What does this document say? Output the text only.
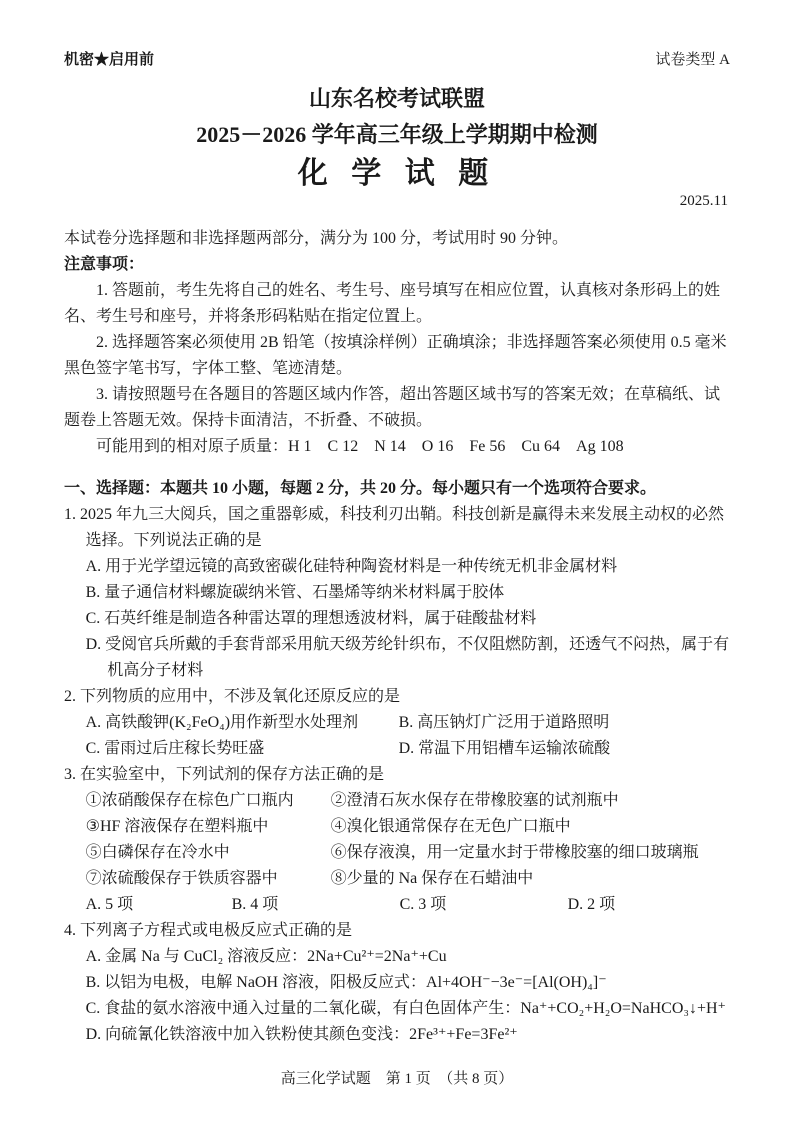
机密★启用前	试卷类型 A
山东名校考试联盟
2025－2026 学年高三年级上学期期中检测
化 学 试 题
2025.11

本试卷分选择题和非选择题两部分，满分为 100 分，考试用时 90 分钟。

注意事项：

1. 答题前，考生先将自己的姓名、考生号、座号填写在相应位置，认真核对条形码上的姓名、考生号和座号，并将条形码粘贴在指定位置上。

2. 选择题答案必须使用 2B 铅笔（按填涂样例）正确填涂；非选择题答案必须使用 0.5 毫米黑色签字笔书写，字体工整、笔迹清楚。

3. 请按照题号在各题目的答题区域内作答，超出答题区域书写的答案无效；在草稿纸、试题卷上答题无效。保持卡面清洁，不折叠、不破损。

可能用到的相对原子质量：H 1　C 12　N 14　O 16　Fe 56　Cu 64　Ag 108

一、选择题：本题共 10 小题，每题 2 分，共 20 分。每小题只有一个选项符合要求。

1. 2025 年九三大阅兵，国之重器彰威，科技利刃出鞘。科技创新是赢得未来发展主动权的必然选择。下列说法正确的是

A. 用于光学望远镜的高致密碳化硅特种陶瓷材料是一种传统无机非金属材料

B. 量子通信材料螺旋碳纳米管、石墨烯等纳米材料属于胶体

C. 石英纤维是制造各种雷达罩的理想透波材料，属于硅酸盐材料

D. 受阅官兵所戴的手套背部采用航天级芳纶针织布，不仅阻燃防割，还透气不闷热，属于有机高分子材料

2. 下列物质的应用中，不涉及氧化还原反应的是

A. 高铁酸钾(K₂FeO₄)用作新型水处理剂	B. 高压钠灯广泛用于道路照明

C. 雷雨过后庄稼长势旺盛	D. 常温下用铝槽车运输浓硫酸

3. 在实验室中，下列试剂的保存方法正确的是

①浓硝酸保存在棕色广口瓶内	②澄清石灰水保存在带橡胶塞的试剂瓶中

③HF 溶液保存在塑料瓶中	④溴化银通常保存在无色广口瓶中

⑤白磷保存在冷水中	⑥保存液溴，用一定量水封于带橡胶塞的细口玻璃瓶

⑦浓硫酸保存于铁质容器中	⑧少量的 Na 保存在石蜡油中

A. 5 项	B. 4 项	C. 3 项	D. 2 项

4. 下列离子方程式或电极反应式正确的是

A. 金属 Na 与 CuCl₂ 溶液反应：2Na+Cu²⁺=2Na⁺+Cu

B. 以铝为电极，电解 NaOH 溶液，阳极反应式：Al+4OH⁻−3e⁻=[Al(OH)₄]⁻

C. 食盐的氨水溶液中通入过量的二氧化碳，有白色固体产生：Na⁺+CO₂+H₂O=NaHCO₃↓+H⁺

D. 向硫氰化铁溶液中加入铁粉使其颜色变浅：2Fe³⁺+Fe=3Fe²⁺

高三化学试题　第 1 页　（共 8 页）
